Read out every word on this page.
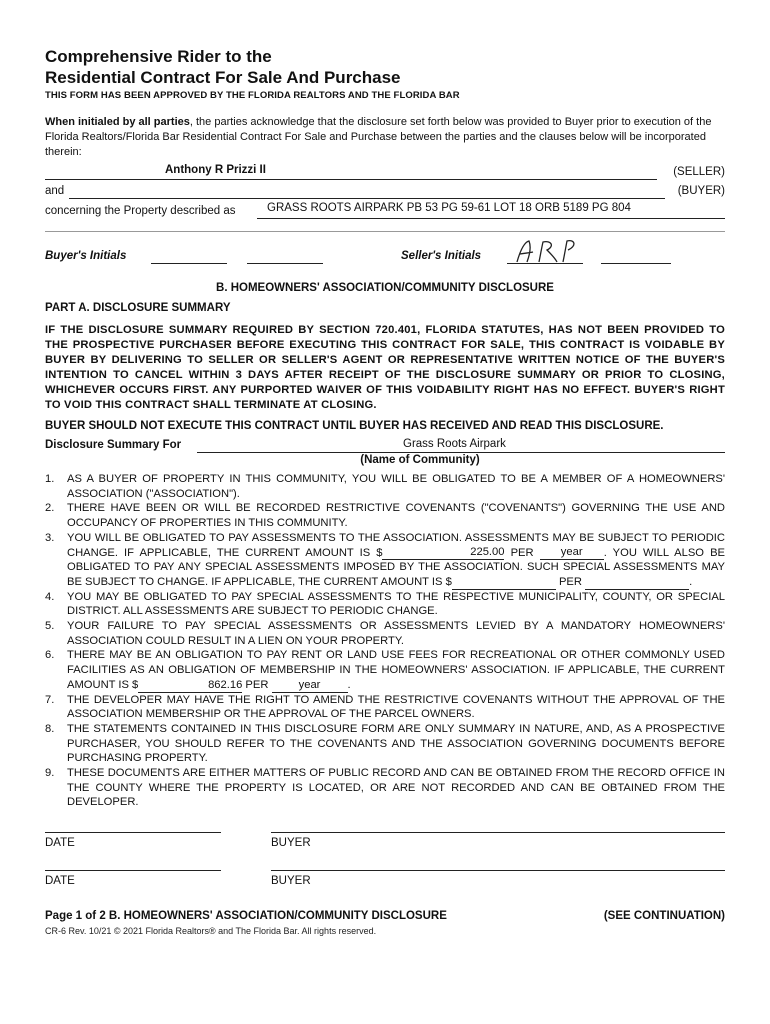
Comprehensive Rider to the
Residential Contract For Sale And Purchase
THIS FORM HAS BEEN APPROVED BY THE FLORIDA REALTORS AND THE FLORIDA BAR
When initialed by all parties, the parties acknowledge that the disclosure set forth below was provided to Buyer prior to execution of the Florida Realtors/Florida Bar Residential Contract For Sale and Purchase between the parties and the clauses below will be incorporated therein:
Anthony R Prizzi II	(SELLER)
and	(BUYER)
concerning the Property described as	GRASS ROOTS AIRPARK PB 53 PG 59-61 LOT 18 ORB 5189 PG 804
Buyer's Initials	Seller's Initials
B. HOMEOWNERS' ASSOCIATION/COMMUNITY DISCLOSURE
PART A. DISCLOSURE SUMMARY
IF THE DISCLOSURE SUMMARY REQUIRED BY SECTION 720.401, FLORIDA STATUTES, HAS NOT BEEN PROVIDED TO THE PROSPECTIVE PURCHASER BEFORE EXECUTING THIS CONTRACT FOR SALE, THIS CONTRACT IS VOIDABLE BY BUYER BY DELIVERING TO SELLER OR SELLER'S AGENT OR REPRESENTATIVE WRITTEN NOTICE OF THE BUYER'S INTENTION TO CANCEL WITHIN 3 DAYS AFTER RECEIPT OF THE DISCLOSURE SUMMARY OR PRIOR TO CLOSING, WHICHEVER OCCURS FIRST. ANY PURPORTED WAIVER OF THIS VOIDABILITY RIGHT HAS NO EFFECT. BUYER'S RIGHT TO VOID THIS CONTRACT SHALL TERMINATE AT CLOSING.
BUYER SHOULD NOT EXECUTE THIS CONTRACT UNTIL BUYER HAS RECEIVED AND READ THIS DISCLOSURE.
Disclosure Summary For	Grass Roots Airpark
(Name of Community)
1. AS A BUYER OF PROPERTY IN THIS COMMUNITY, YOU WILL BE OBLIGATED TO BE A MEMBER OF A HOMEOWNERS' ASSOCIATION ("ASSOCIATION").
2. THERE HAVE BEEN OR WILL BE RECORDED RESTRICTIVE COVENANTS ("COVENANTS") GOVERNING THE USE AND OCCUPANCY OF PROPERTIES IN THIS COMMUNITY.
3. YOU WILL BE OBLIGATED TO PAY ASSESSMENTS TO THE ASSOCIATION. ASSESSMENTS MAY BE SUBJECT TO PERIODIC CHANGE. IF APPLICABLE, THE CURRENT AMOUNT IS $	225.00 PER year . YOU WILL ALSO BE OBLIGATED TO PAY ANY SPECIAL ASSESSMENTS IMPOSED BY THE ASSOCIATION. SUCH SPECIAL ASSESSMENTS MAY BE SUBJECT TO CHANGE. IF APPLICABLE, THE CURRENT AMOUNT IS $	PER	.
4. YOU MAY BE OBLIGATED TO PAY SPECIAL ASSESSMENTS TO THE RESPECTIVE MUNICIPALITY, COUNTY, OR SPECIAL DISTRICT. ALL ASSESSMENTS ARE SUBJECT TO PERIODIC CHANGE.
5. YOUR FAILURE TO PAY SPECIAL ASSESSMENTS OR ASSESSMENTS LEVIED BY A MANDATORY HOMEOWNERS' ASSOCIATION COULD RESULT IN A LIEN ON YOUR PROPERTY.
6. THERE MAY BE AN OBLIGATION TO PAY RENT OR LAND USE FEES FOR RECREATIONAL OR OTHER COMMONLY USED FACILITIES AS AN OBLIGATION OF MEMBERSHIP IN THE HOMEOWNERS' ASSOCIATION. IF APPLICABLE, THE CURRENT AMOUNT IS $	862.16 PER	year .
7. THE DEVELOPER MAY HAVE THE RIGHT TO AMEND THE RESTRICTIVE COVENANTS WITHOUT THE APPROVAL OF THE ASSOCIATION MEMBERSHIP OR THE APPROVAL OF THE PARCEL OWNERS.
8. THE STATEMENTS CONTAINED IN THIS DISCLOSURE FORM ARE ONLY SUMMARY IN NATURE, AND, AS A PROSPECTIVE PURCHASER, YOU SHOULD REFER TO THE COVENANTS AND THE ASSOCIATION GOVERNING DOCUMENTS BEFORE PURCHASING PROPERTY.
9. THESE DOCUMENTS ARE EITHER MATTERS OF PUBLIC RECORD AND CAN BE OBTAINED FROM THE RECORD OFFICE IN THE COUNTY WHERE THE PROPERTY IS LOCATED, OR ARE NOT RECORDED AND CAN BE OBTAINED FROM THE DEVELOPER.
DATE	BUYER
DATE	BUYER
Page 1 of 2 B. HOMEOWNERS' ASSOCIATION/COMMUNITY DISCLOSURE	(SEE CONTINUATION)
CR-6 Rev. 10/21 © 2021 Florida Realtors® and The Florida Bar. All rights reserved.
